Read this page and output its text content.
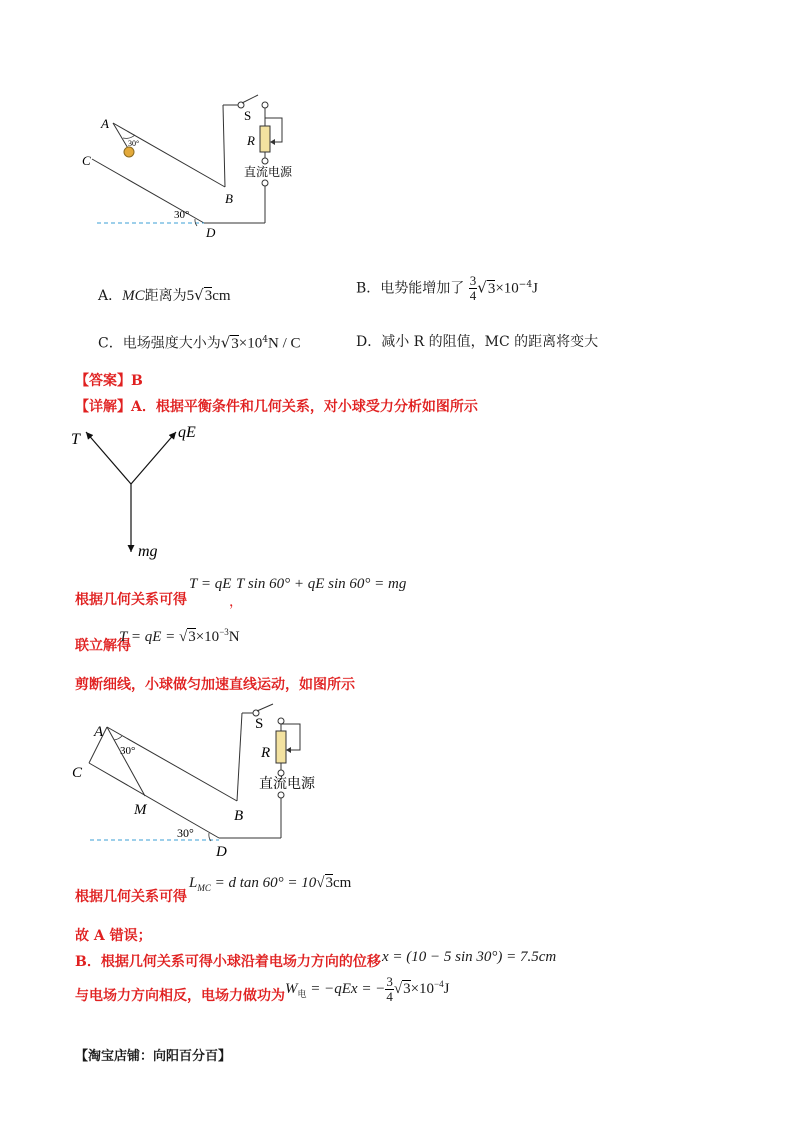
A
C
B
D
S
R
30°
30°
直流电源
A．MC距离为5√3cm	B．电势能增加了 $\frac{3}{4} √3\times 10^{-4}J$
C．电场强度大小为$√3\times 10^4N / C$	D．减小 R 的阻值，MC 的距离将变大
【答案】B
【详解】A．根据平衡条件和几何关系，对小球受力分析如图所示
T	qE
mg
根据几何关系可得
T = qE T sin 60° + qE sin 60° = mg
，
联立解得
T = qE = $√3\times 10^{-3}N$
剪断细线，小球做匀加速直线运动，如图所示
A
C
M	B
D
S
R
30°
30°
直流电源
根据几何关系可得
$L_{MC} = d$ tan 60° = 10√3cm
故 A 错误；
B．根据几何关系可得小球沿着电场力方向的位移 x = (10 − 5 sin 30°) = 7.5cm
与电场力方向相反，电场力做功为 $W_电 = -qEx$ = − $\frac{3}{4} √3\times 10^{-4}J$
【淘宝店铺：向阳百分百】
